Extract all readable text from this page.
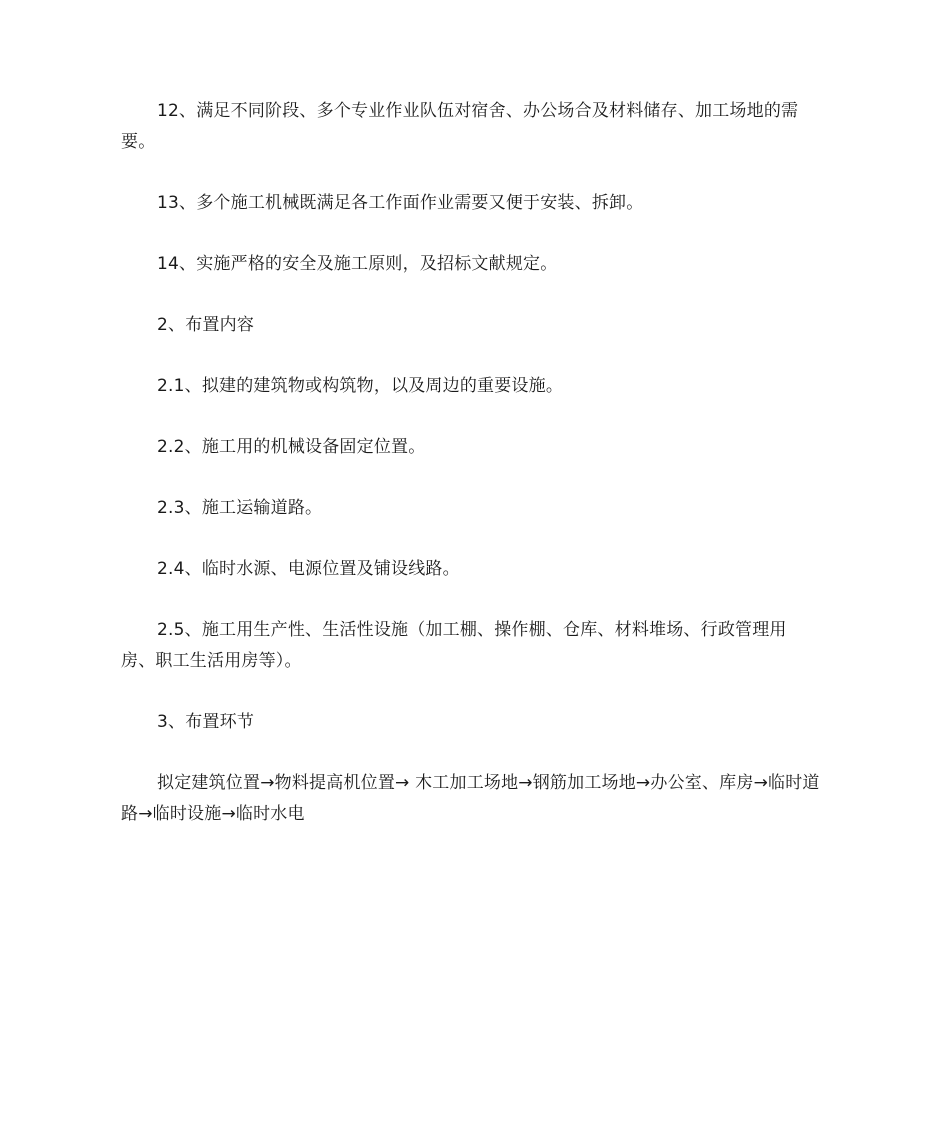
12、满足不同阶段、多个专业作业队伍对宿舍、办公场合及材料储存、加工场地的需要。

13、多个施工机械既满足各工作面作业需要又便于安装、拆卸。

14、实施严格的安全及施工原则，及招标文献规定。

2、布置内容

2.1、拟建的建筑物或构筑物，以及周边的重要设施。

2.2、施工用的机械设备固定位置。

2.3、施工运输道路。

2.4、临时水源、电源位置及铺设线路。

2.5、施工用生产性、生活性设施（加工棚、操作棚、仓库、材料堆场、行政管理用房、职工生活用房等）。

3、布置环节

拟定建筑位置→物料提高机位置→ 木工加工场地→钢筋加工场地→办公室、库房→临时道路→临时设施→临时水电
